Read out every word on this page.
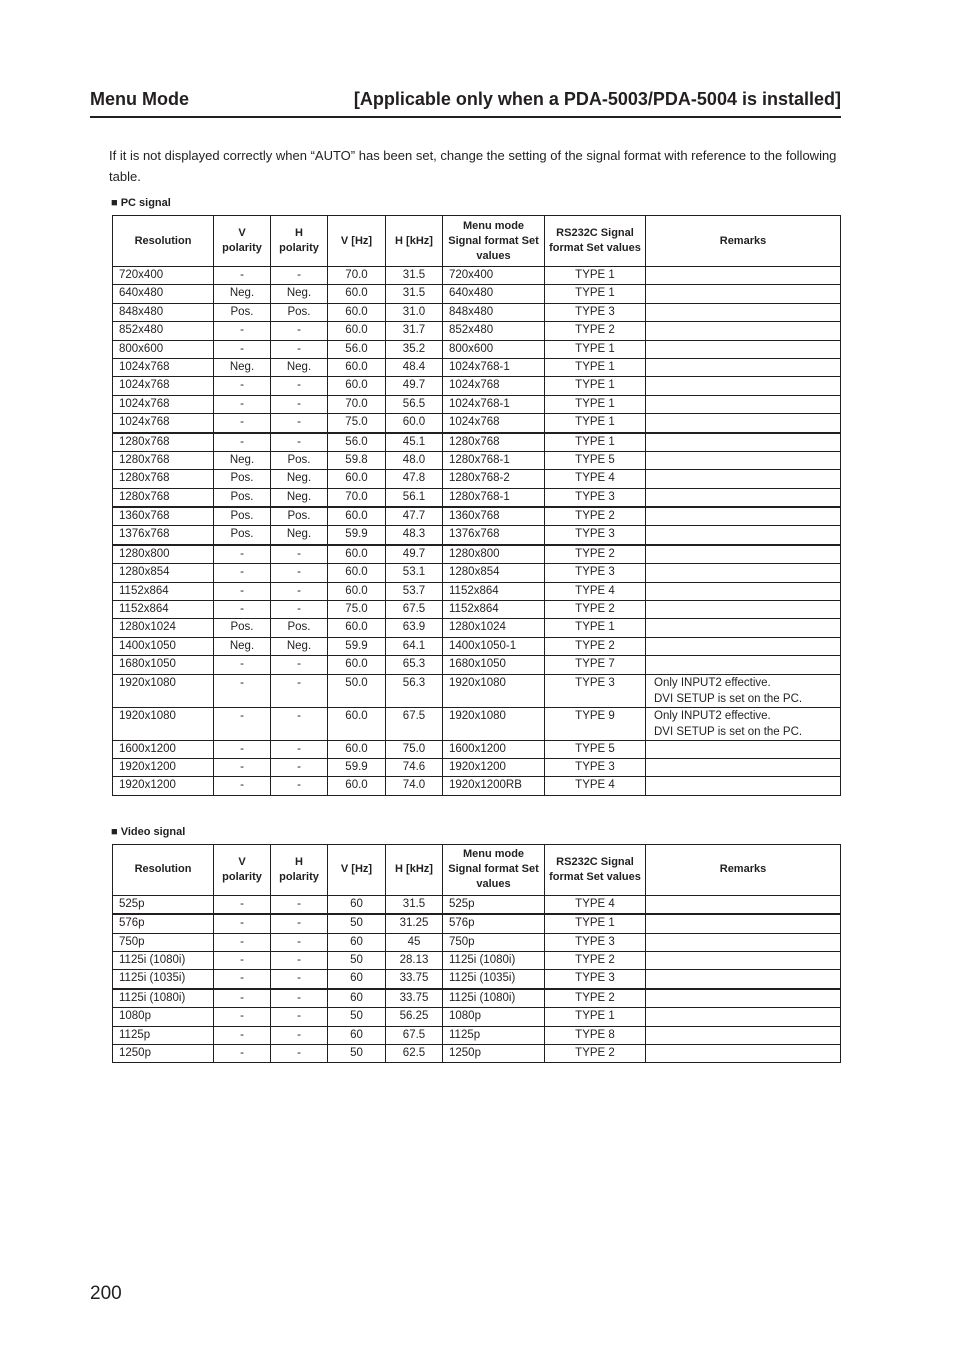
Menu Mode	[Applicable only when a PDA-5003/PDA-5004 is installed]
If it is not displayed correctly when “AUTO” has been set, change the setting of the signal format with reference to the following table.
■ PC signal
Resolution	V polarity	H polarity	V [Hz]	H [kHz]	Menu mode Signal format Set values	RS232C Signal format Set values	Remarks
720x400	-	-	70.0	31.5	720x400	TYPE 1	
640x480	Neg.	Neg.	60.0	31.5	640x480	TYPE 1	
848x480	Pos.	Pos.	60.0	31.0	848x480	TYPE 3	
852x480	-	-	60.0	31.7	852x480	TYPE 2	
800x600	-	-	56.0	35.2	800x600	TYPE 1	
1024x768	Neg.	Neg.	60.0	48.4	1024x768-1	TYPE 1	
1024x768	-	-	60.0	49.7	1024x768	TYPE 1	
1024x768	-	-	70.0	56.5	1024x768-1	TYPE 1	
1024x768	-	-	75.0	60.0	1024x768	TYPE 1	
1280x768	-	-	56.0	45.1	1280x768	TYPE 1	
1280x768	Neg.	Pos.	59.8	48.0	1280x768-1	TYPE 5	
1280x768	Pos.	Neg.	60.0	47.8	1280x768-2	TYPE 4	
1280x768	Pos.	Neg.	70.0	56.1	1280x768-1	TYPE 3	
1360x768	Pos.	Pos.	60.0	47.7	1360x768	TYPE 2	
1376x768	Pos.	Neg.	59.9	48.3	1376x768	TYPE 3	
1280x800	-	-	60.0	49.7	1280x800	TYPE 2	
1280x854	-	-	60.0	53.1	1280x854	TYPE 3	
1152x864	-	-	60.0	53.7	1152x864	TYPE 4	
1152x864	-	-	75.0	67.5	1152x864	TYPE 2	
1280x1024	Pos.	Pos.	60.0	63.9	1280x1024	TYPE 1	
1400x1050	Neg.	Neg.	59.9	64.1	1400x1050-1	TYPE 2	
1680x1050	-	-	60.0	65.3	1680x1050	TYPE 7	
1920x1080	-	-	50.0	56.3	1920x1080	TYPE 3	Only INPUT2 effective.
DVI SETUP is set on the PC.
1920x1080	-	-	60.0	67.5	1920x1080	TYPE 9	Only INPUT2 effective.
DVI SETUP is set on the PC.
1600x1200	-	-	60.0	75.0	1600x1200	TYPE 5	
1920x1200	-	-	59.9	74.6	1920x1200	TYPE 3	
1920x1200	-	-	60.0	74.0	1920x1200RB	TYPE 4	
■ Video signal
Resolution	V polarity	H polarity	V [Hz]	H [kHz]	Menu mode Signal format Set values	RS232C Signal format Set values	Remarks
525p	-	-	60	31.5	525p	TYPE 4	
576p	-	-	50	31.25	576p	TYPE 1	
750p	-	-	60	45	750p	TYPE 3	
1125i (1080i)	-	-	50	28.13	1125i (1080i)	TYPE 2	
1125i (1035i)	-	-	60	33.75	1125i (1035i)	TYPE 3	
1125i (1080i)	-	-	60	33.75	1125i (1080i)	TYPE 2	
1080p	-	-	50	56.25	1080p	TYPE 1	
1125p	-	-	60	67.5	1125p	TYPE 8	
1250p	-	-	50	62.5	1250p	TYPE 2	
200
